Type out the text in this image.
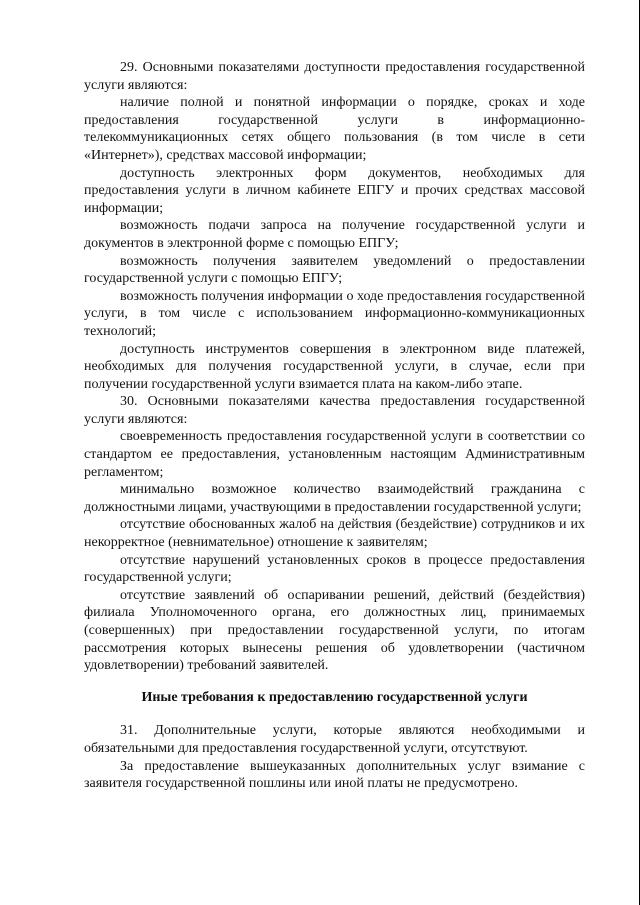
29. Основными показателями доступности предоставления государственной услуги являются:

наличие полной и понятной информации о порядке, сроках и ходе предоставления государственной услуги в информационно-телекоммуникационных сетях общего пользования (в том числе в сети «Интернет»), средствах массовой информации;

доступность электронных форм документов, необходимых для предоставления услуги в личном кабинете ЕПГУ и прочих средствах массовой информации;

возможность подачи запроса на получение государственной услуги и документов в электронной форме с помощью ЕПГУ;

возможность получения заявителем уведомлений о предоставлении государственной услуги с помощью ЕПГУ;

возможность получения информации о ходе предоставления государственной услуги, в том числе с использованием информационно-коммуникационных технологий;

доступность инструментов совершения в электронном виде платежей, необходимых для получения государственной услуги, в случае, если при получении государственной услуги взимается плата на каком-либо этапе.

30. Основными показателями качества предоставления государственной услуги являются:

своевременность предоставления государственной услуги в соответствии со стандартом ее предоставления, установленным настоящим Административным регламентом;

минимально возможное количество взаимодействий гражданина с должностными лицами, участвующими в предоставлении государственной услуги;

отсутствие обоснованных жалоб на действия (бездействие) сотрудников и их некорректное (невнимательное) отношение к заявителям;

отсутствие нарушений установленных сроков в процессе предоставления государственной услуги;

отсутствие заявлений об оспаривании решений, действий (бездействия) филиала Уполномоченного органа, его должностных лиц, принимаемых (совершенных) при предоставлении государственной услуги, по итогам рассмотрения которых вынесены решения об удовлетворении (частичном удовлетворении) требований заявителей.

Иные требования к предоставлению государственной услуги

31. Дополнительные услуги, которые являются необходимыми и обязательными для предоставления государственной услуги, отсутствуют.

За предоставление вышеуказанных дополнительных услуг взимание с заявителя государственной пошлины или иной платы не предусмотрено.
